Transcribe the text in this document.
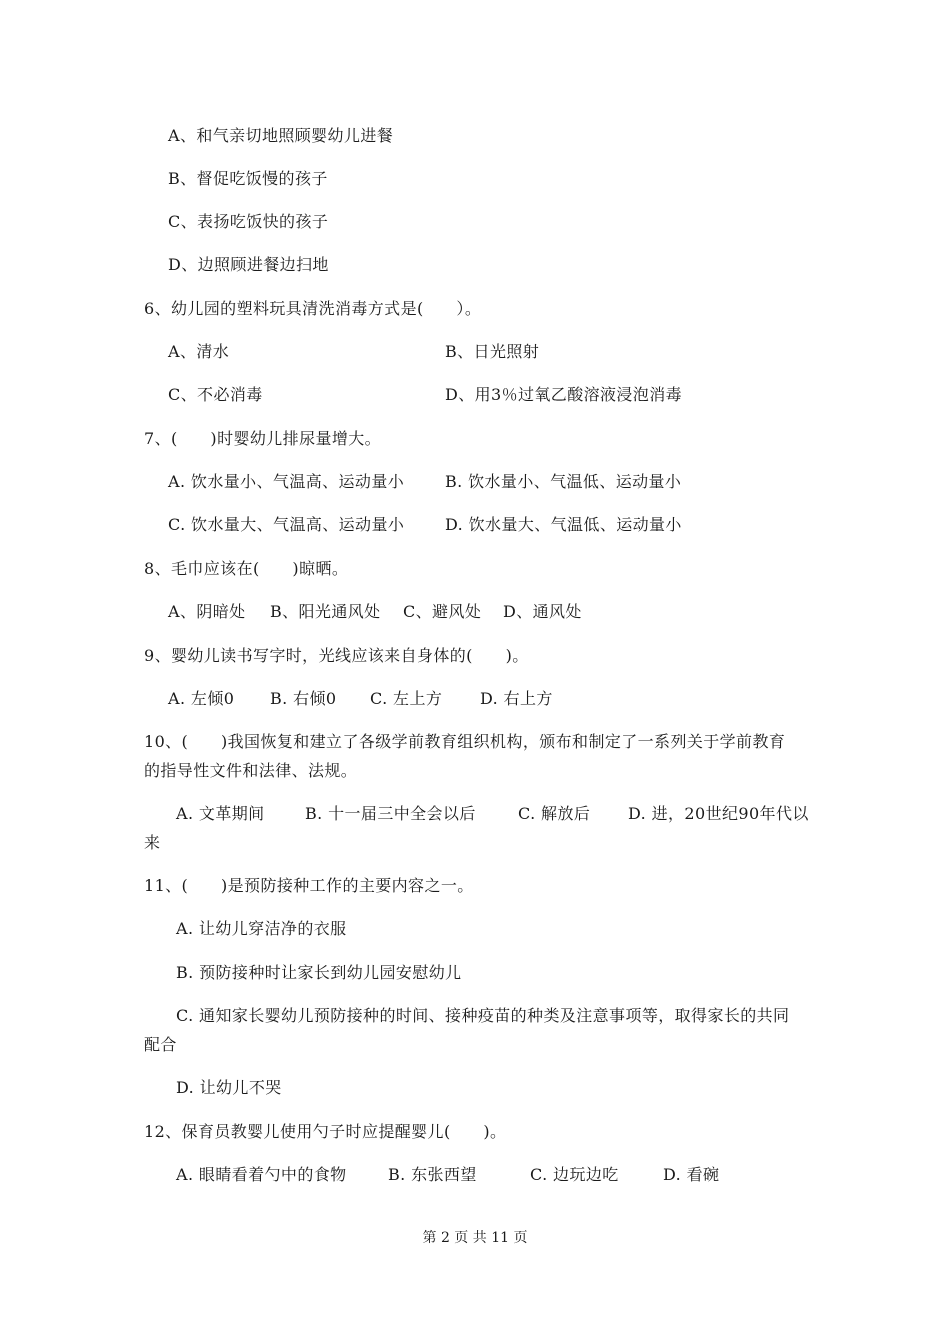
A、和气亲切地照顾婴幼儿进餐
B、督促吃饭慢的孩子
C、表扬吃饭快的孩子
D、边照顾进餐边扫地
6、幼儿园的塑料玩具清洗消毒方式是(　　）。
A、清水	B、日光照射
C、不必消毒	D、用3％过氧乙酸溶液浸泡消毒
7、(　　)时婴幼儿排尿量增大。
A. 饮水量小、气温高、运动量小	B. 饮水量小、气温低、运动量小
C. 饮水量大、气温高、运动量小	D. 饮水量大、气温低、运动量小
8、毛巾应该在(　　)晾晒。
A、阴暗处 B、阳光通风处 C、避风处 D、通风处
9、婴幼儿读书写字时，光线应该来自身体的(　　)。
A. 左倾0 B. 右倾0 C. 左上方 D. 右上方
10、(　　)我国恢复和建立了各级学前教育组织机构，颁布和制定了一系列关于学前教育
的指导性文件和法律、法规。
A. 文革期间	B. 十一届三中全会以后	C. 解放后 D. 进，20世纪90年代以
来
11、(　　)是预防接种工作的主要内容之一。
A. 让幼儿穿洁净的衣服
B. 预防接种时让家长到幼儿园安慰幼儿
C. 通知家长婴幼儿预防接种的时间、接种疫苗的种类及注意事项等，取得家长的共同
配合
D. 让幼儿不哭
12、保育员教婴儿使用勺子时应提醒婴儿(　　)。
A. 眼睛看着勺中的食物	B. 东张西望	C. 边玩边吃	D. 看碗
第 2 页 共 11 页
